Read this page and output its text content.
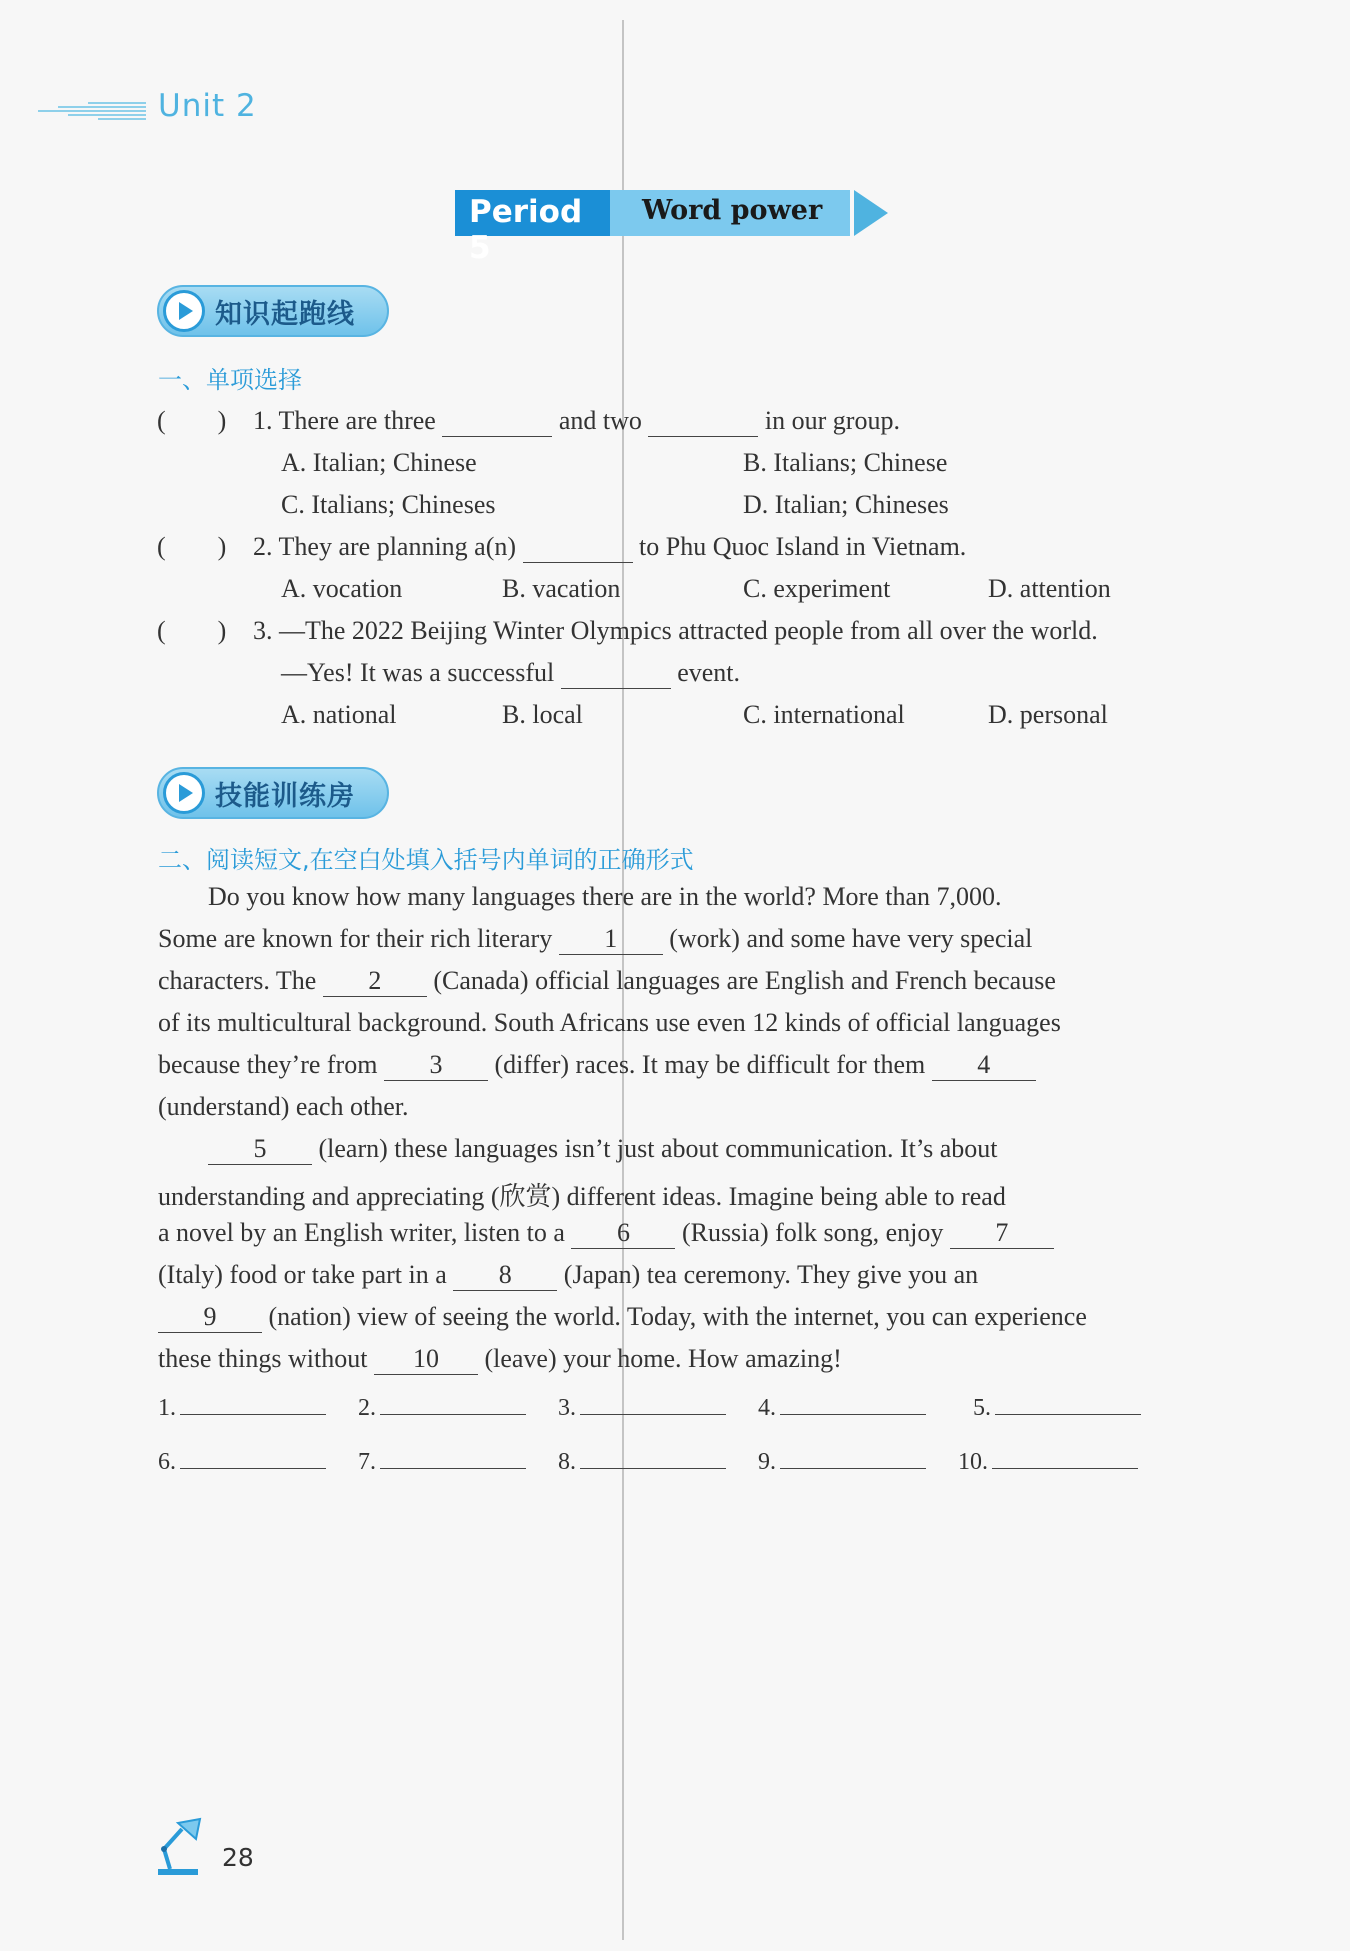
Unit 2
Period 5
Word power
知识起跑线
一、单项选择
(        ) 1. There are three	and two	in our group.
A. Italian; Chinese	B. Italians; Chinese
C. Italians; Chineses	D. Italian; Chineses
(        ) 2. They are planning a(n)	to Phu Quoc Island in Vietnam.
A. vocation	B. vacation	C. experiment	D. attention
(        ) 3. —The 2022 Beijing Winter Olympics attracted people from all over the world.
—Yes! It was a successful	event.
A. national	B. local	C. international	D. personal
技能训练房
二、阅读短文,在空白处填入括号内单词的正确形式
Do you know how many languages there are in the world? More than 7,000.
Some are known for their rich literary 1 (work) and some have very special
characters. The 2 (Canada) official languages are English and French because
of its multicultural background. South Africans use even 12 kinds of official languages
because they’re from 3 (differ) races. It may be difficult for them 4
(understand) each other.
5 (learn) these languages isn’t just about communication. It’s about
understanding and appreciating (欣赏) different ideas. Imagine being able to read
a novel by an English writer, listen to a 6 (Russia) folk song, enjoy 7
(Italy) food or take part in a 8 (Japan) tea ceremony. They give you an
9 (nation) view of seeing the world. Today, with the internet, you can experience
these things without 10 (leave) your home. How amazing!
1.	2.	3.	4.	5.
6.	7.	8.	9.	10.
28
